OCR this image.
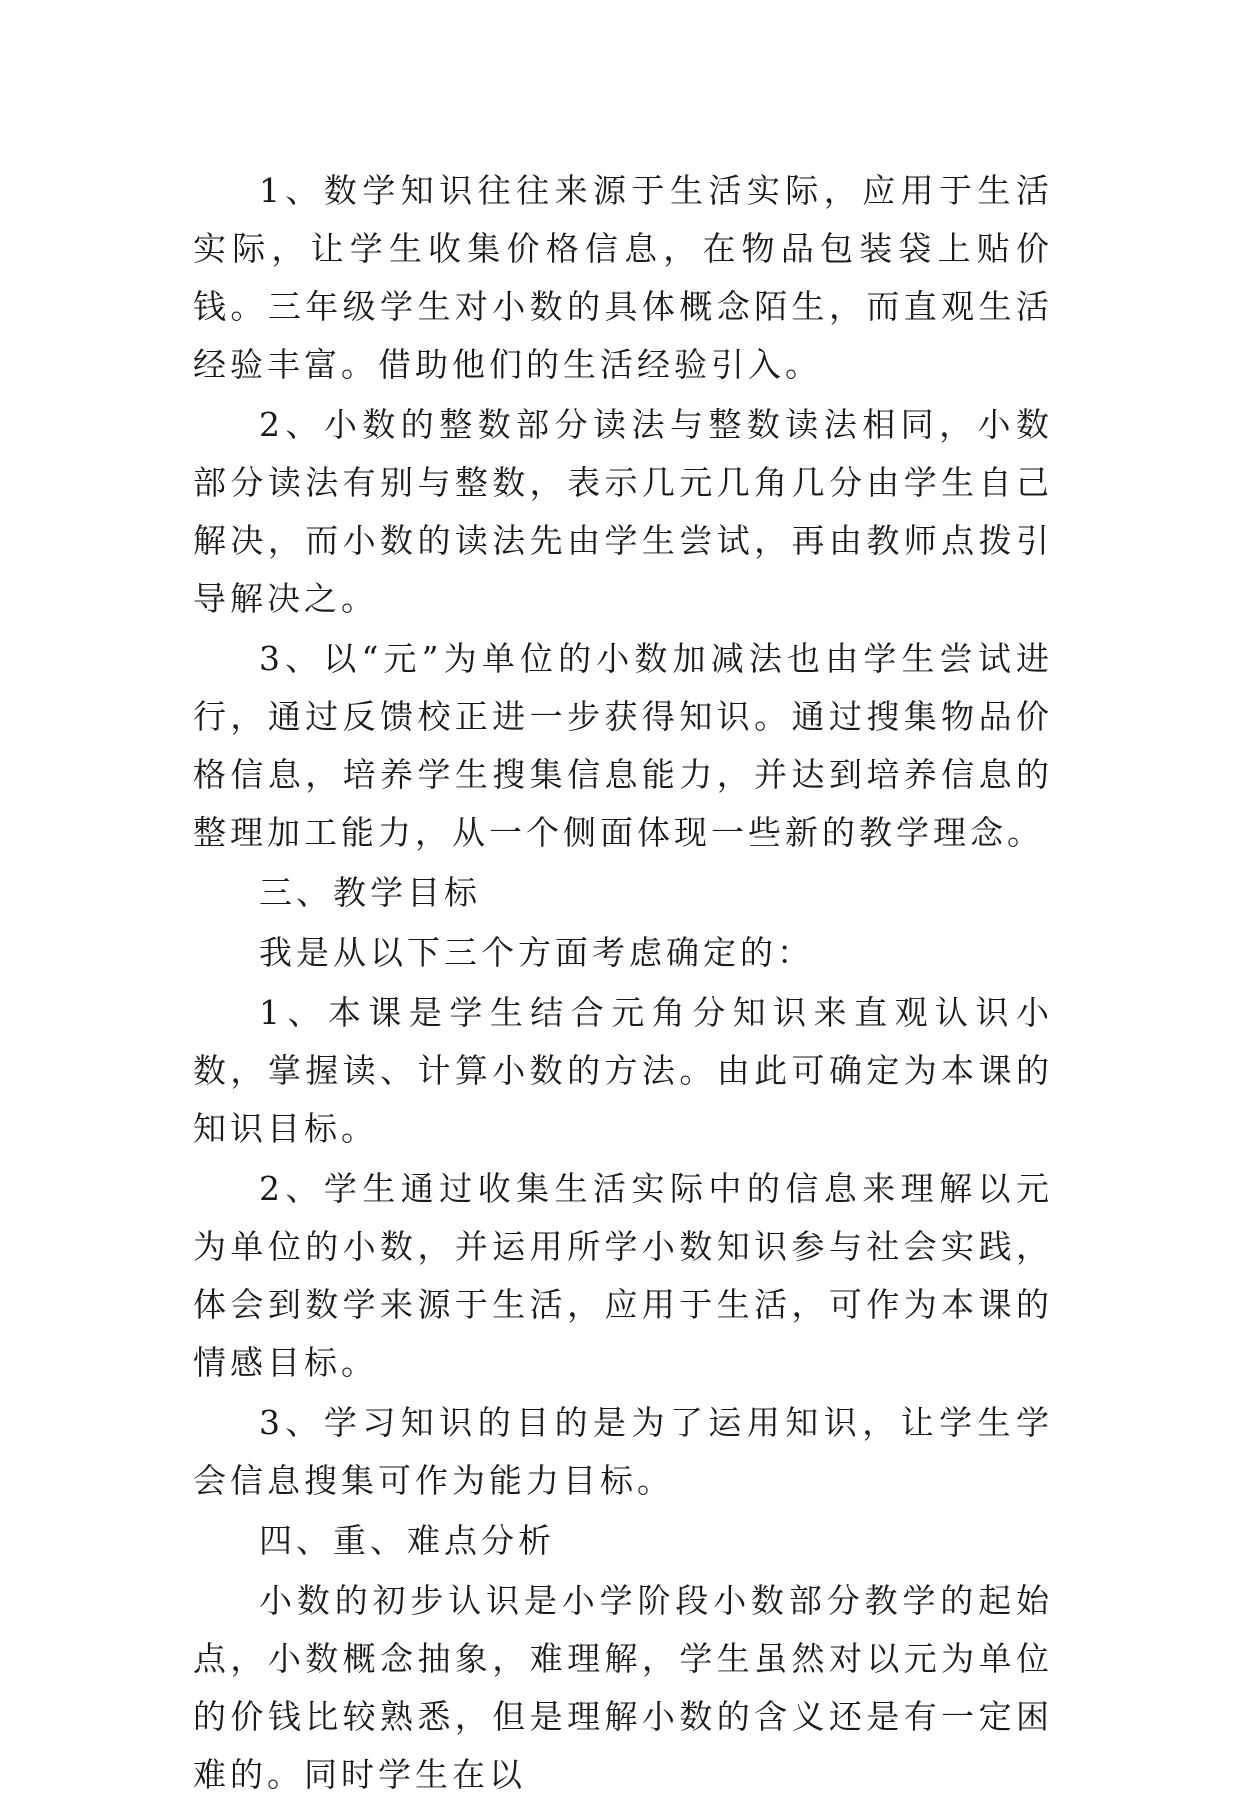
1、数学知识往往来源于生活实际，应用于生活实际，让学生收集价格信息，在物品包装袋上贴价钱。三年级学生对小数的具体概念陌生，而直观生活经验丰富。借助他们的生活经验引入。

2、小数的整数部分读法与整数读法相同，小数部分读法有别与整数，表示几元几角几分由学生自己解决，而小数的读法先由学生尝试，再由教师点拨引导解决之。

3、以“元”为单位的小数加减法也由学生尝试进行，通过反馈校正进一步获得知识。通过搜集物品价格信息，培养学生搜集信息能力，并达到培养信息的整理加工能力，从一个侧面体现一些新的教学理念。

三、教学目标

我是从以下三个方面考虑确定的：

1、本课是学生结合元角分知识来直观认识小数，掌握读、计算小数的方法。由此可确定为本课的知识目标。

2、学生通过收集生活实际中的信息来理解以元为单位的小数，并运用所学小数知识参与社会实践，体会到数学来源于生活，应用于生活，可作为本课的情感目标。

3、学习知识的目的是为了运用知识，让学生学会信息搜集可作为能力目标。

四、重、难点分析

小数的初步认识是小学阶段小数部分教学的起始点，小数概念抽象，难理解，学生虽然对以元为单位的价钱比较熟悉，但是理解小数的含义还是有一定困难的。同时学生在以
